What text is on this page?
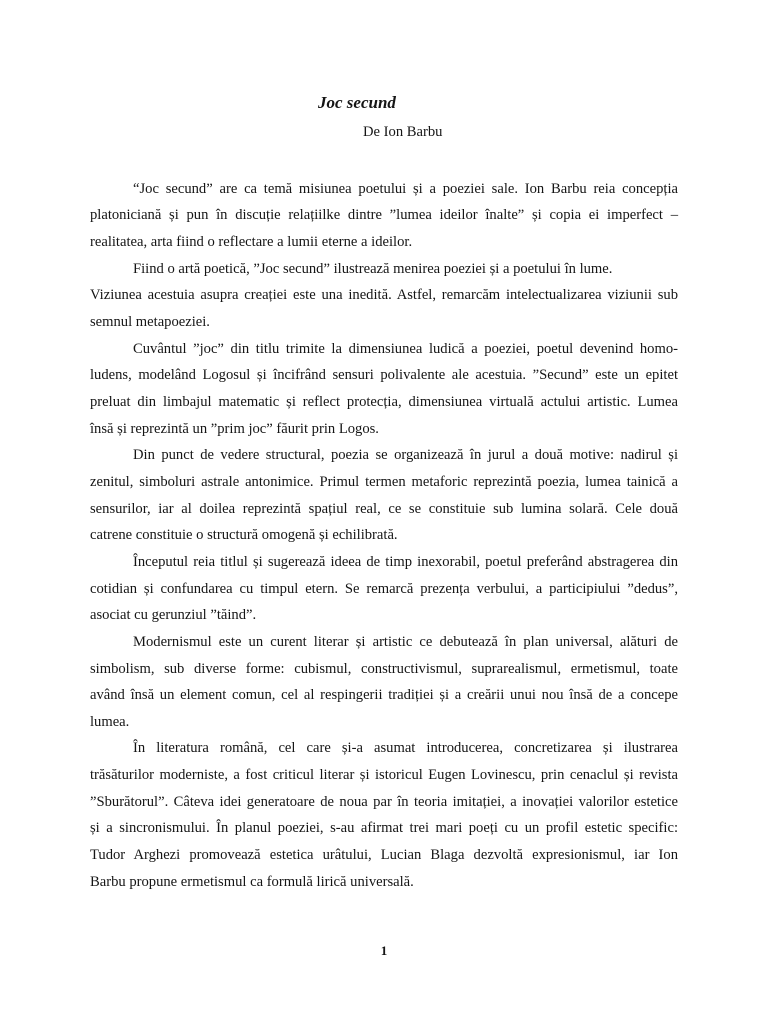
Joc secund
De Ion Barbu
“Joc secund” are ca temă misiunea poetului și a poeziei sale. Ion Barbu reia concepția
platoniciană și pun în discuție relațiilke dintre ”lumea ideilor înalte” și copia ei imperfect –
realitatea, arta fiind o reflectare a lumii eterne a ideilor.
Fiind o artă poetică, ”Joc secund” ilustrează menirea poeziei și a poetului în lume.
Viziunea acestuia asupra creației este una inedită. Astfel, remarcăm intelectualizarea viziunii sub
semnul metapoeziei.
Cuvântul ”joc” din titlu trimite la dimensiunea ludică a poeziei, poetul devenind homo-
ludens, modelând Logosul și încifrând sensuri polivalente ale acestuia. ”Secund” este un epitet
preluat din limbajul matematic și reflect protecția, dimensiunea virtuală actului artistic. Lumea
însă și reprezintă un ”prim joc” făurit prin Logos.
Din punct de vedere structural, poezia se organizează în jurul a două motive: nadirul și
zenitul, simboluri astrale antonimice. Primul termen metaforic reprezintă poezia, lumea tainică a
sensurilor, iar al doilea reprezintă spațiul real, ce se constituie sub lumina solară. Cele două
catrene constituie o structură omogenă și echilibrată.
Începutul reia titlul și sugerează ideea de timp inexorabil, poetul preferând abstragerea din
cotidian și confundarea cu timpul etern. Se remarcă prezența verbului, a participiului ”dedus”,
asociat cu gerunziul ”tăind”.
Modernismul este un curent literar și artistic ce debutează în plan universal, alături de
simbolism, sub diverse forme: cubismul, constructivismul, suprarealismul, ermetismul, toate
având însă un element comun, cel al respingerii tradiției și a creării unui nou însă de a concepe
lumea.
În literatura română, cel care și-a asumat introducerea, concretizarea și ilustrarea
trăsăturilor moderniste, a fost criticul literar și istoricul Eugen Lovinescu, prin cenaclul și revista
”Sburătorul”. Câteva idei generatoare de noua par în teoria imitației, a inovației valorilor estetice
și a sincronismului. În planul poeziei, s-au afirmat trei mari poeți cu un profil estetic specific:
Tudor Arghezi promovează estetica urâtului, Lucian Blaga dezvoltă expresionismul, iar Ion
Barbu propune ermetismul ca formulă lirică universală.
1
